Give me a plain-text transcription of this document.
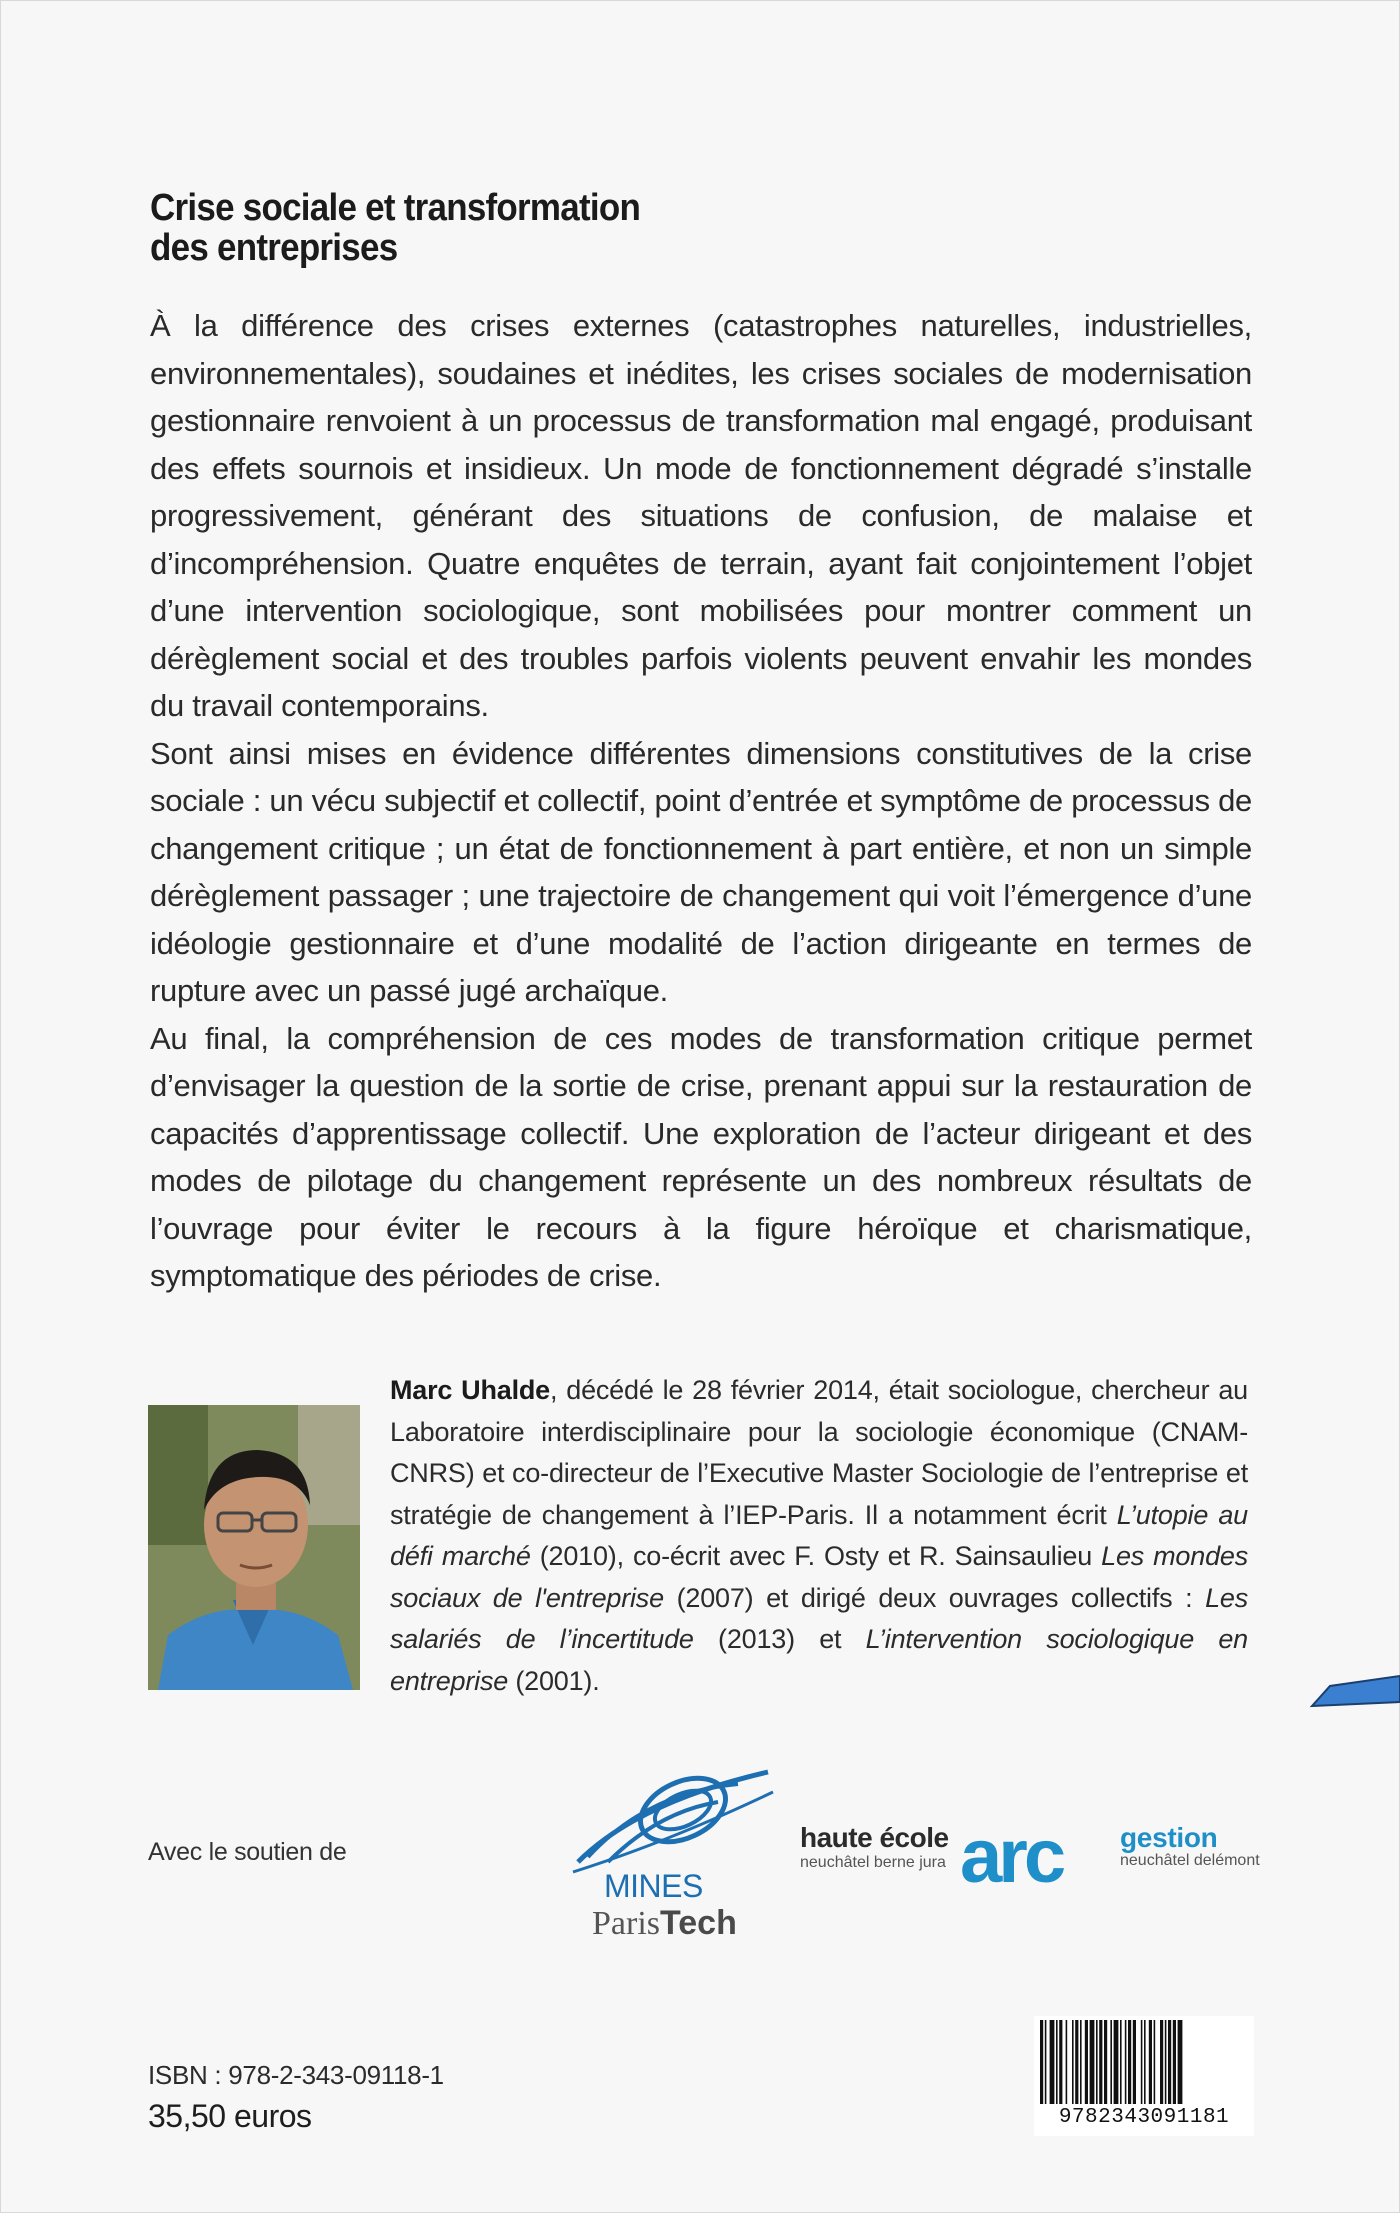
Crise sociale et transformation
des entreprises

À la différence des crises externes (catastrophes naturelles, industrielles, environnementales), soudaines et inédites, les crises sociales de modernisation gestionnaire renvoient à un processus de transformation mal engagé, produisant des effets sournois et insidieux. Un mode de fonctionnement dégradé s’installe progressivement, générant des situations de confusion, de malaise et d’incompréhension. Quatre enquêtes de terrain, ayant fait conjointement l’objet d’une intervention sociologique, sont mobilisées pour montrer comment un dérèglement social et des troubles parfois violents peuvent envahir les mondes du travail contemporains.

Sont ainsi mises en évidence différentes dimensions constitutives de la crise sociale : un vécu subjectif et collectif, point d’entrée et symptôme de processus de changement critique ; un état de fonctionnement à part entière, et non un simple dérèglement passager ; une trajectoire de changement qui voit l’émergence d’une idéologie gestionnaire et d’une modalité de l’action dirigeante en termes de rupture avec un passé jugé archaïque.

Au final, la compréhension de ces modes de transformation critique permet d’envisager la question de la sortie de crise, prenant appui sur la restauration de capacités d’apprentissage collectif. Une exploration de l’acteur dirigeant et des modes de pilotage du changement représente un des nombreux résultats de l’ouvrage pour éviter le recours à la figure héroïque et charismatique, symptomatique des périodes de crise.

Marc Uhalde, décédé le 28 février 2014, était sociologue, chercheur au Laboratoire interdisciplinaire pour la sociologie économique (CNAM-CNRS) et co-directeur de l’Executive Master Sociologie de l’entreprise et stratégie de changement à l’IEP-Paris. Il a notamment écrit L’utopie au défi marché (2010), co-écrit avec F. Osty et R. Sainsaulieu Les mondes sociaux de l'entreprise (2007) et dirigé deux ouvrages collectifs : Les salariés de l’incertitude (2013) et L’intervention sociologique en entreprise (2001).

Avec le soutien de
MINES
ParisTech
haute école
neuchâtel berne jura arc gestion
neuchâtel delémont
ISBN : 978-2-343-09118-1
35,50 euros	9782343091181
